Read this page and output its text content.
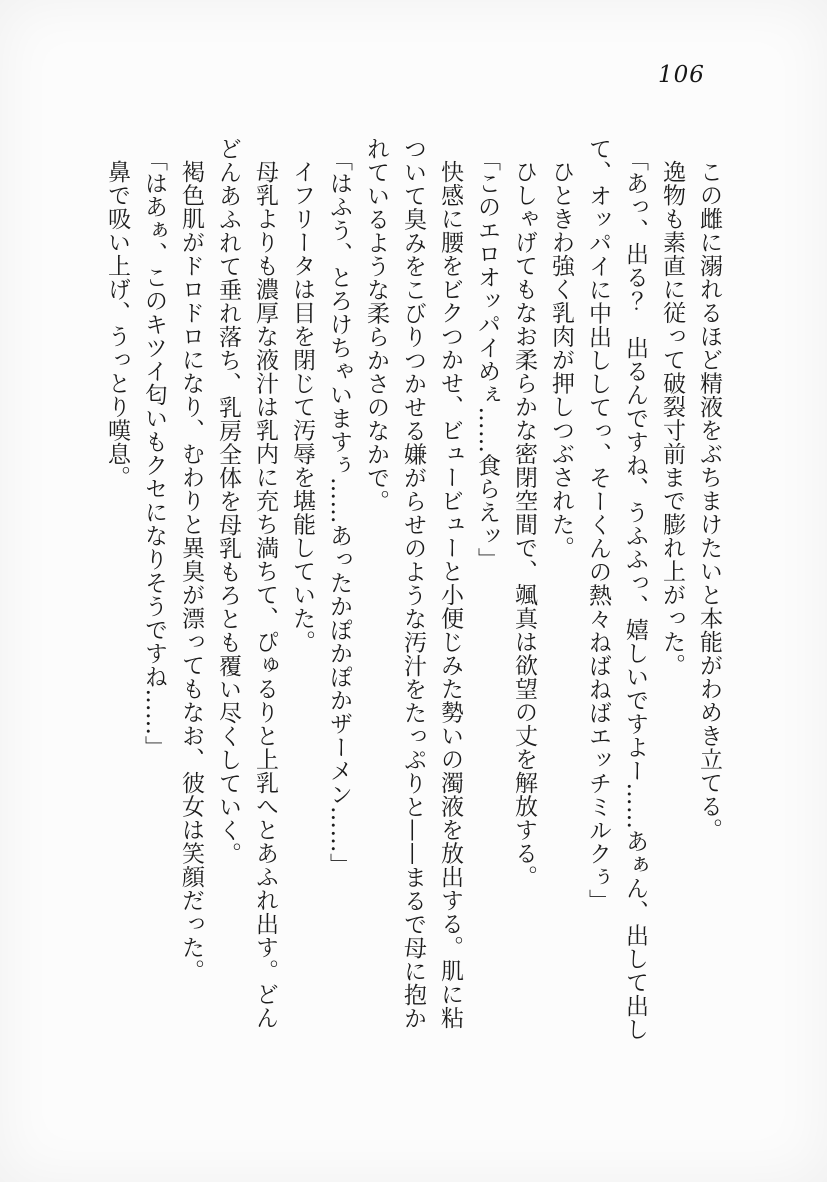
106
この雌に溺れるほど精液をぶちまけたいと本能がわめき立てる。
逸物も素直に従って破裂寸前まで膨れ上がった。
「あっ、出る？　出るんですね、うふふっ、嬉しいですよー……あぁん、出して出し
て、オッパイに中出ししてっ、そーくんの熱々ねばねばエッチミルクぅ」
ひときわ強く乳肉が押しつぶされた。
ひしゃげてもなお柔らかな密閉空間で、颯真は欲望の丈を解放する。
「このエロオッパイめぇ……食らえッ」
快感に腰をビクつかせ、ビュービューと小便じみた勢いの濁液を放出する。肌に粘
ついて臭みをこびりつかせる嫌がらせのような汚汁をたっぷりと——まるで母に抱か
れているような柔らかさのなかで。
「はふう、とろけちゃいますぅ……あったかぽかぽかザーメン……」
イフリータは目を閉じて汚辱を堪能していた。
母乳よりも濃厚な液汁は乳内に充ち満ちて、ぴゅるりと上乳へとあふれ出す。どん
どんあふれて垂れ落ち、乳房全体を母乳もろとも覆い尽くしていく。
褐色肌がドロドロになり、むわりと異臭が漂ってもなお、彼女は笑顔だった。
「はあぁ、このキツイ匂いもクセになりそうですね……」
鼻で吸い上げ、うっとり嘆息。
